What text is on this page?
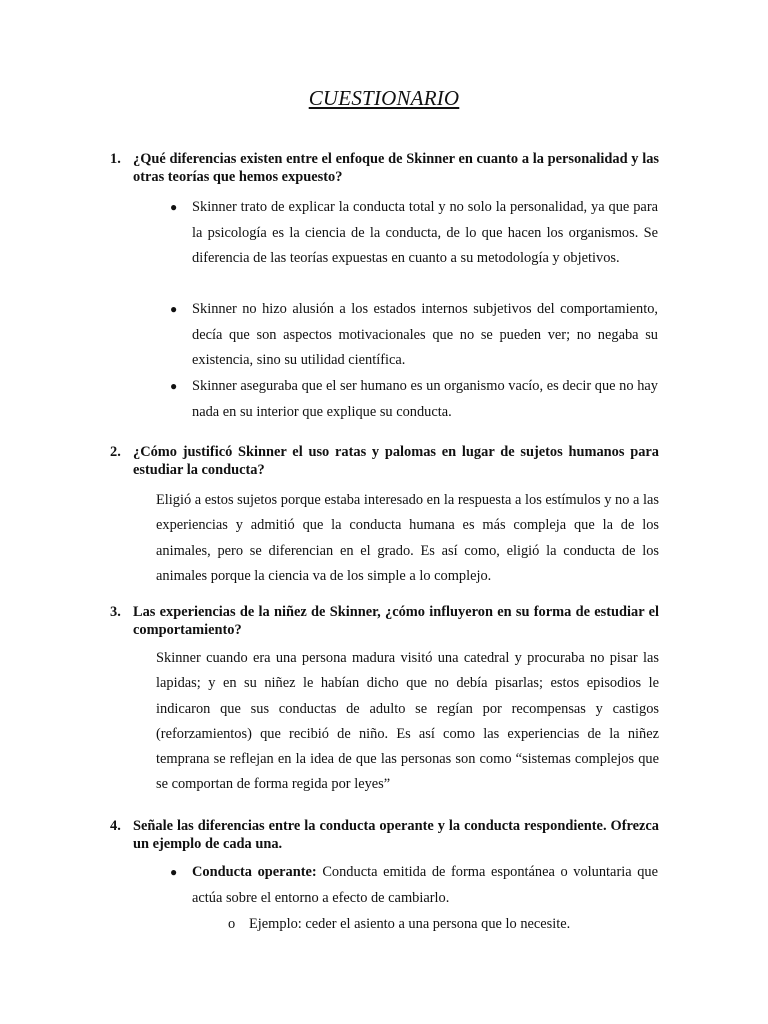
CUESTIONARIO
1. ¿Qué diferencias existen entre el enfoque de Skinner en cuanto a la personalidad y las otras teorías que hemos expuesto?
● Skinner trato de explicar la conducta total y no solo la personalidad, ya que para la psicología es la ciencia de la conducta, de lo que hacen los organismos. Se diferencia de las teorías expuestas en cuanto a su metodología y objetivos.
● Skinner no hizo alusión a los estados internos subjetivos del comportamiento, decía que son aspectos motivacionales que no se pueden ver; no negaba su existencia, sino su utilidad científica.
● Skinner aseguraba que el ser humano es un organismo vacío, es decir que no hay nada en su interior que explique su conducta.
2. ¿Cómo justificó Skinner el uso ratas y palomas en lugar de sujetos humanos para estudiar la conducta?
Eligió a estos sujetos porque estaba interesado en la respuesta a los estímulos y no a las experiencias y admitió que la conducta humana es más compleja que la de los animales, pero se diferencian en el grado. Es así como, eligió la conducta de los animales porque la ciencia va de los simple a lo complejo.
3. Las experiencias de la niñez de Skinner, ¿cómo influyeron en su forma de estudiar el comportamiento?
Skinner cuando era una persona madura visitó una catedral y procuraba no pisar las lapidas; y en su niñez le habían dicho que no debía pisarlas; estos episodios le indicaron que sus conductas de adulto se regían por recompensas y castigos (reforzamientos) que recibió de niño. Es así como las experiencias de la niñez temprana se reflejan en la idea de que las personas son como “sistemas complejos que se comportan de forma regida por leyes”
4. Señale las diferencias entre la conducta operante y la conducta respondiente. Ofrezca un ejemplo de cada una.
● Conducta operante: Conducta emitida de forma espontánea o voluntaria que actúa sobre el entorno a efecto de cambiarlo.
o Ejemplo: ceder el asiento a una persona que lo necesite.
